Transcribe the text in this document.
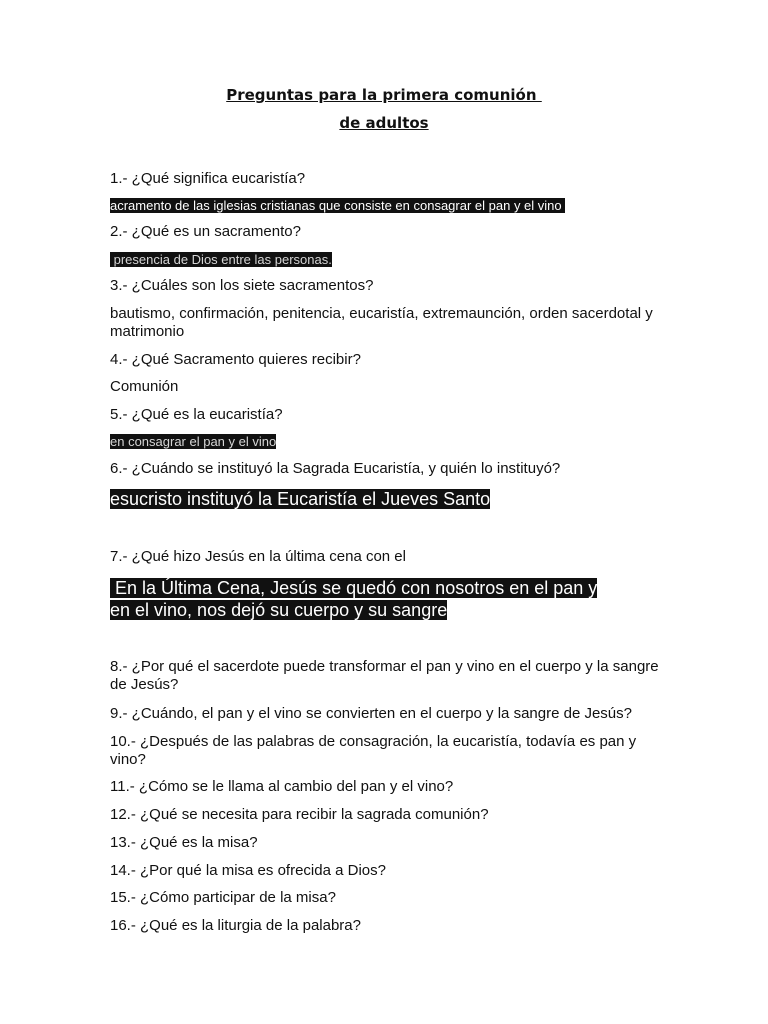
Preguntas para la primera comunión
de adultos
1.- ¿Qué significa eucaristía?
acramento de las iglesias cristianas que consiste en consagrar el pan y el vino
2.- ¿Qué es un sacramento?
presencia de Dios entre las personas.
3.- ¿Cuáles son los siete sacramentos?
bautismo, confirmación, penitencia, eucaristía, extremaunción, orden sacerdotal y matrimonio
4.- ¿Qué Sacramento quieres recibir?
Comunión
5.- ¿Qué es la eucaristía?
en consagrar el pan y el vino
6.- ¿Cuándo se instituyó la Sagrada Eucaristía, y quién lo instituyó?
esucristo instituyó la Eucaristía el Jueves Santo
7.- ¿Qué hizo Jesús en la última cena con el
En la Última Cena, Jesús se quedó con nosotros en el pan y
en el vino, nos dejó su cuerpo y su sangre
8.- ¿Por qué el sacerdote puede transformar el pan y vino en el cuerpo y la sangre de Jesús?
9.- ¿Cuándo, el pan y el vino se convierten en el cuerpo y la sangre de Jesús?
10.- ¿Después de las palabras de consagración, la eucaristía, todavía es pan y vino?
11.- ¿Cómo se le llama al cambio del pan y el vino?
12.- ¿Qué se necesita para recibir la sagrada comunión?
13.- ¿Qué es la misa?
14.- ¿Por qué la misa es ofrecida a Dios?
15.- ¿Cómo participar de la misa?
16.- ¿Qué es la liturgia de la palabra?
